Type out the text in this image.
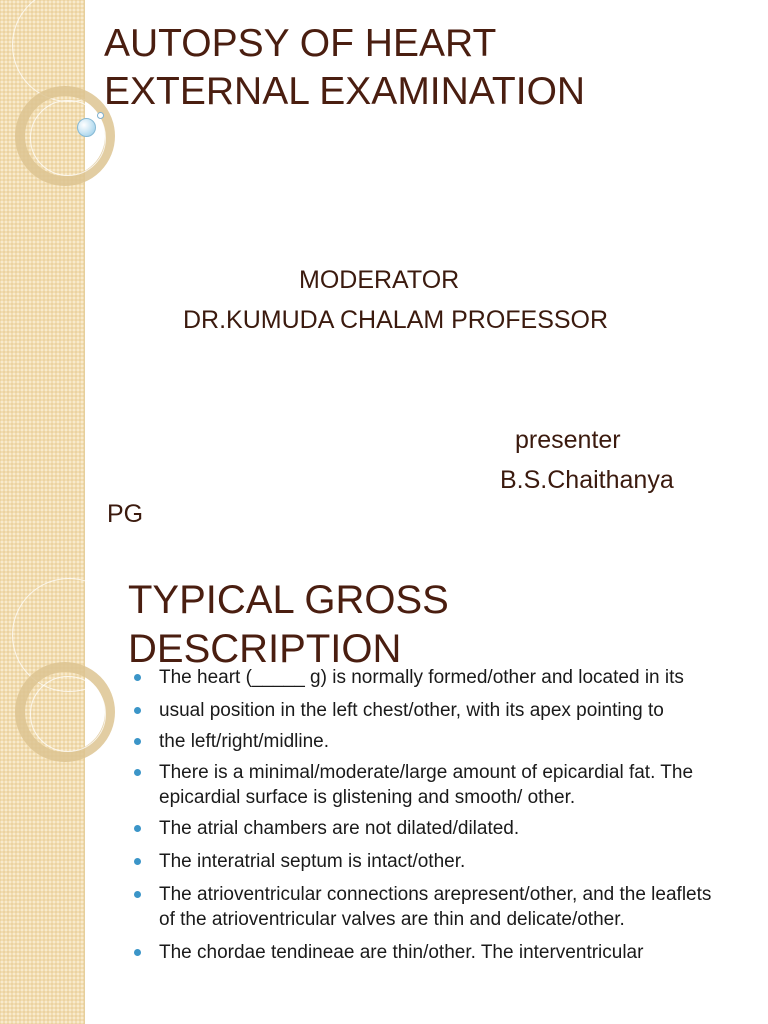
AUTOPSY OF HEART
EXTERNAL EXAMINATION
MODERATOR
DR.KUMUDA CHALAM PROFESSOR
presenter
B.S.Chaithanya
PG
TYPICAL GROSS
DESCRIPTION
The heart (_____ g) is normally formed/other and located in its
usual position in the left chest/other, with its apex pointing to
the left/right/midline.
There is a minimal/moderate/large amount of epicardial fat. The epicardial surface is glistening and smooth/ other.
The atrial chambers are not dilated/dilated.
The interatrial septum is intact/other.
The atrioventricular connections arepresent/other, and the leaflets of the atrioventricular valves are thin and delicate/other.
The chordae tendineae are thin/other. The interventricular
